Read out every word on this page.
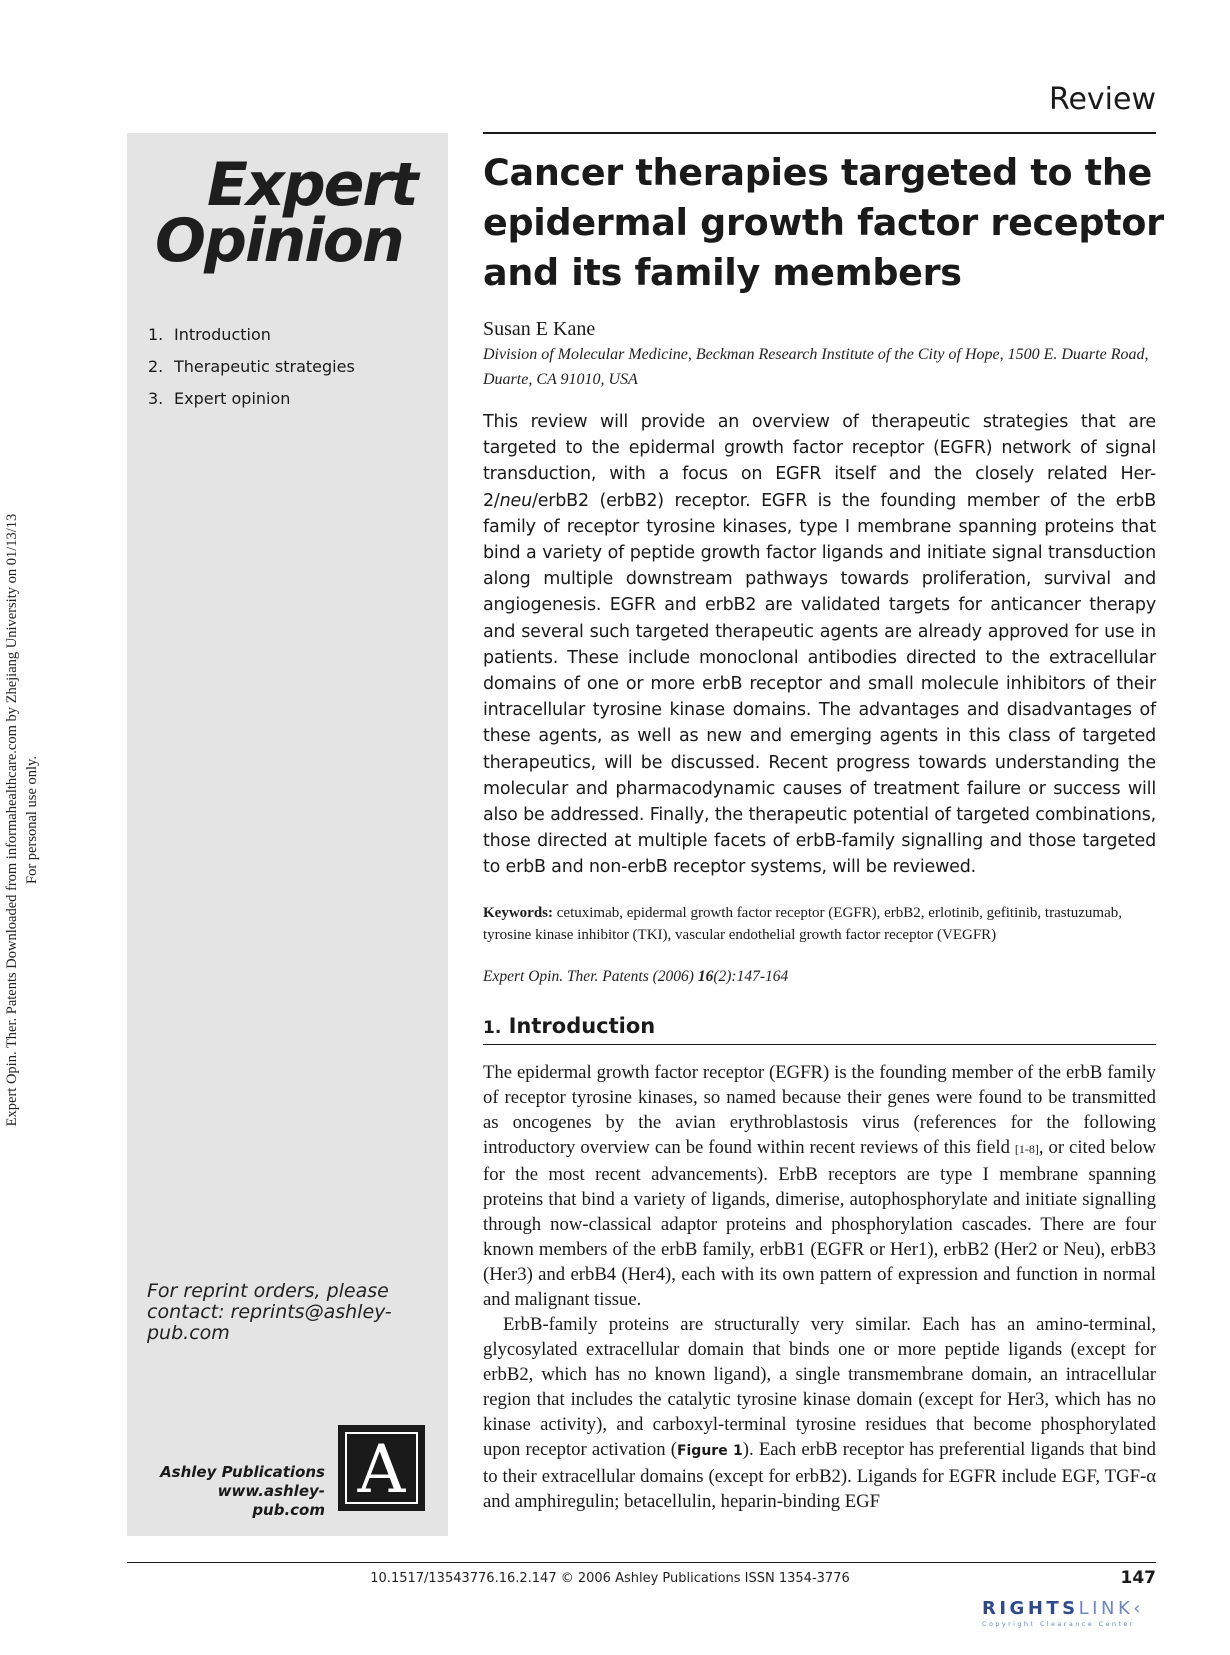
Expert Opin. Ther. Patents Downloaded from informahealthcare.com by Zhejiang University on 01/13/13 For personal use only.
Expert
Opinion
1. Introduction
2. Therapeutic strategies
3. Expert opinion
For reprint orders, please contact: reprints@ashley-pub.com
Ashley Publications
www.ashley-pub.com
A
Review
Cancer therapies targeted to the epidermal growth factor receptor and its family members
Susan E Kane
Division of Molecular Medicine, Beckman Research Institute of the City of Hope, 1500 E. Duarte Road, Duarte, CA 91010, USA
This review will provide an overview of therapeutic strategies that are targeted to the epidermal growth factor receptor (EGFR) network of signal transduction, with a focus on EGFR itself and the closely related Her-2/neu/erbB2 (erbB2) receptor. EGFR is the founding member of the erbB family of receptor tyrosine kinases, type I membrane spanning proteins that bind a variety of peptide growth factor ligands and initiate signal transduction along multiple downstream pathways towards proliferation, survival and angiogenesis. EGFR and erbB2 are validated targets for anticancer therapy and several such targeted therapeutic agents are already approved for use in patients. These include monoclonal antibodies directed to the extracellular domains of one or more erbB receptor and small molecule inhibitors of their intracellular tyrosine kinase domains. The advantages and disadvantages of these agents, as well as new and emerging agents in this class of targeted therapeutics, will be discussed. Recent progress towards understanding the molecular and pharmacodynamic causes of treatment failure or success will also be addressed. Finally, the therapeutic potential of targeted combinations, those directed at multiple facets of erbB-family signalling and those targeted to erbB and non-erbB receptor systems, will be reviewed.
Keywords: cetuximab, epidermal growth factor receptor (EGFR), erbB2, erlotinib, gefitinib, trastuzumab, tyrosine kinase inhibitor (TKI), vascular endothelial growth factor receptor (VEGFR)
Expert Opin. Ther. Patents (2006) 16(2):147-164
1. Introduction

The epidermal growth factor receptor (EGFR) is the founding member of the erbB family of receptor tyrosine kinases, so named because their genes were found to be transmitted as oncogenes by the avian erythroblastosis virus (references for the following introductory overview can be found within recent reviews of this field [1-8], or cited below for the most recent advancements). ErbB receptors are type I membrane spanning proteins that bind a variety of ligands, dimerise, autophosphorylate and initiate signalling through now-classical adaptor proteins and phosphorylation cascades. There are four known members of the erbB family, erbB1 (EGFR or Her1), erbB2 (Her2 or Neu), erbB3 (Her3) and erbB4 (Her4), each with its own pattern of expression and function in normal and malignant tissue.

ErbB-family proteins are structurally very similar. Each has an amino-terminal, glycosylated extracellular domain that binds one or more peptide ligands (except for erbB2, which has no known ligand), a single transmembrane domain, an intracellular region that includes the catalytic tyrosine kinase domain (except for Her3, which has no kinase activity), and carboxyl-terminal tyrosine residues that become phosphorylated upon receptor activation (Figure 1). Each erbB receptor has preferential ligands that bind to their extracellular domains (except for erbB2). Ligands for EGFR include EGF, TGF-α and amphiregulin; betacellulin, heparin-binding EGF

10.1517/13543776.16.2.147 © 2006 Ashley Publications ISSN 1354-3776	147
RIGHTSLINK‹
Copyright Clearance Center
